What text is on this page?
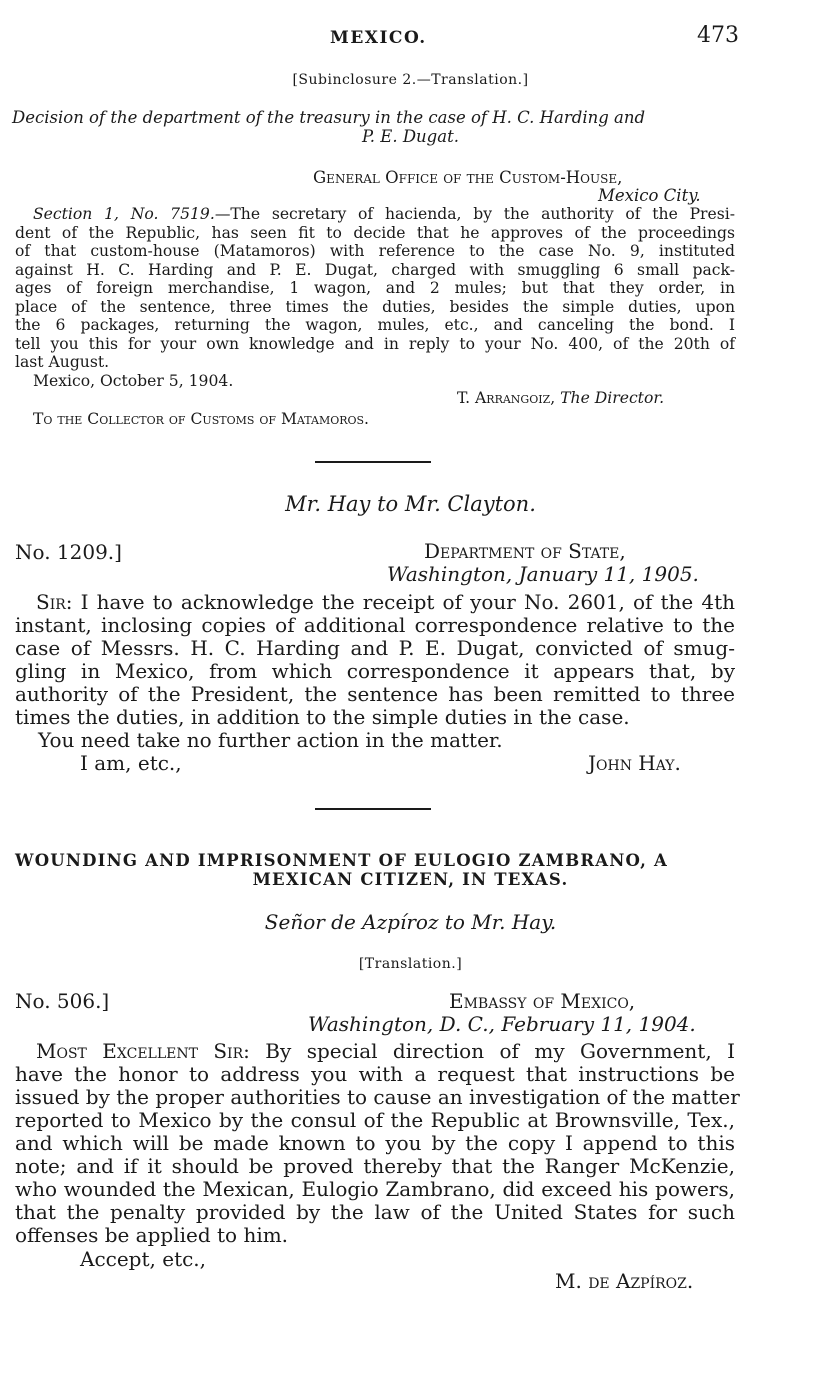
MEXICO.	473
[Subinclosure 2.—Translation.]
Decision of the department of the treasury in the case of H. C. Harding and
P. E. Dugat.
General Office of the Custom-House,
Mexico City.
Section 1, No. 7519.—The secretary of hacienda, by the authority of the Presi-
dent of the Republic, has seen fit to decide that he approves of the proceedings
of that custom-house (Matamoros) with reference to the case No. 9, instituted
against H. C. Harding and P. E. Dugat, charged with smuggling 6 small pack-
ages of foreign merchandise, 1 wagon, and 2 mules; but that they order, in
place of the sentence, three times the duties, besides the simple duties, upon
the 6 packages, returning the wagon, mules, etc., and canceling the bond. I
tell you this for your own knowledge and in reply to your No. 400, of the 20th of
last August.
Mexico, October 5, 1904.
T. Arrangoiz, The Director.
To the Collector of Customs of Matamoros.
Mr. Hay to Mr. Clayton.
No. 1209.]	Department of State,
Washington, January 11, 1905.
Sir: I have to acknowledge the receipt of your No. 2601, of the 4th
instant, inclosing copies of additional correspondence relative to the
case of Messrs. H. C. Harding and P. E. Dugat, convicted of smug-
gling in Mexico, from which correspondence it appears that, by
authority of the President, the sentence has been remitted to three
times the duties, in addition to the simple duties in the case.
You need take no further action in the matter.
I am, etc.,	John Hay.
WOUNDING AND IMPRISONMENT OF EULOGIO ZAMBRANO, A
MEXICAN CITIZEN, IN TEXAS.
Señor de Azpíroz to Mr. Hay.
[Translation.]
No. 506.]	Embassy of Mexico,
Washington, D. C., February 11, 1904.
Most Excellent Sir: By special direction of my Government, I
have the honor to address you with a request that instructions be
issued by the proper authorities to cause an investigation of the matter
reported to Mexico by the consul of the Republic at Brownsville, Tex.,
and which will be made known to you by the copy I append to this
note; and if it should be proved thereby that the Ranger McKenzie,
who wounded the Mexican, Eulogio Zambrano, did exceed his powers,
that the penalty provided by the law of the United States for such
offenses be applied to him.
Accept, etc.,
M. de Azpíroz.
